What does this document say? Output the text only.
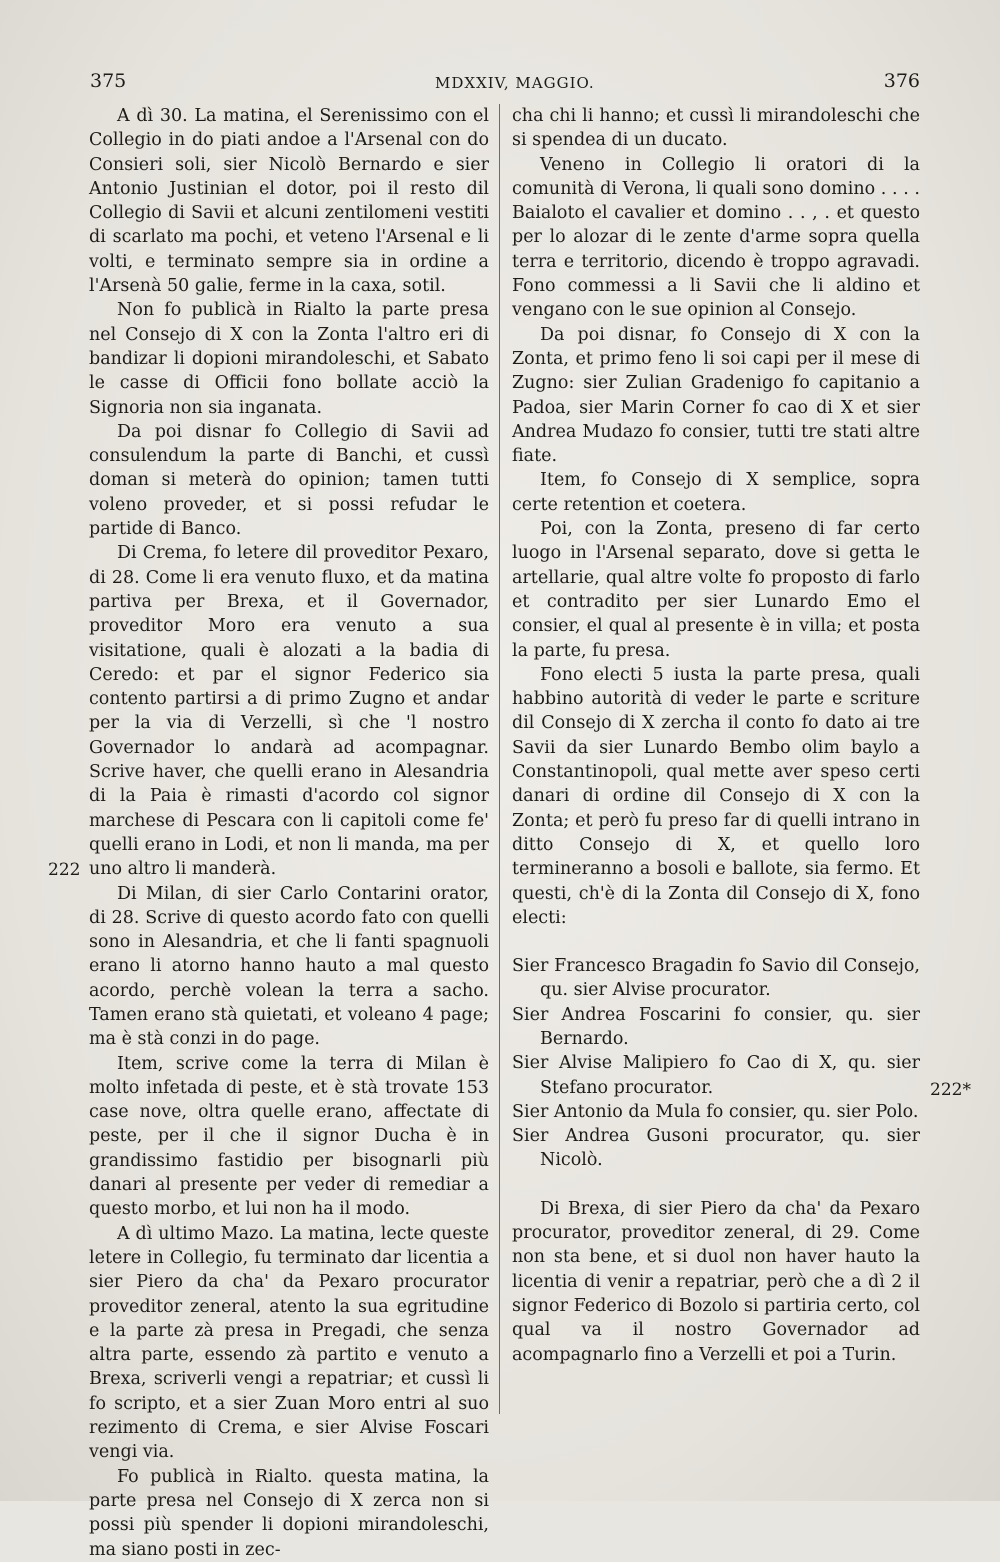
375	MDXXIV, MAGGIO.	376

A dì 30. La matina, el Serenissimo con el Collegio in do piati andoe a l'Arsenal con do Consieri soli, sier Nicolò Bernardo e sier Antonio Justinian el dotor, poi il resto dil Collegio di Savii et alcuni zentilomeni vestiti di scarlato ma pochi, et veteno l'Arsenal e li volti, e terminato sempre sia in ordine a l'Arsenà 50 galie, ferme in la caxa, sotil.

Non fo publicà in Rialto la parte presa nel Consejo di X con la Zonta l'altro eri di bandizar li dopioni mirandoleschi, et Sabato le casse di Officii fono bollate acciò la Signoria non sia inganata.

Da poi disnar fo Collegio di Savii ad consulendum la parte di Banchi, et cussì doman si meterà do opinion; tamen tutti voleno proveder, et si possi refudar le partide di Banco.

Di Crema, fo letere dil proveditor Pexaro, di 28. Come li era venuto fluxo, et da matina partiva per Brexa, et il Governador, proveditor Moro era venuto a sua visitatione, quali è alozati a la badia di Ceredo: et par el signor Federico sia contento partirsi a di primo Zugno et andar per la via di Verzelli, sì che 'l nostro Governador lo andarà ad acompagnar. Scrive haver, che quelli erano in Alesandria di la Paia è rimasti d'acordo col signor marchese di Pescara con li capitoli come fe' quelli erano in Lodi, et non li manda, ma per uno altro li manderà.

Di Milan, di sier Carlo Contarini orator, di 28. Scrive di questo acordo fato con quelli sono in Alesandria, et che li fanti spagnuoli erano li atorno hanno hauto a mal questo acordo, perchè volean la terra a sacho. Tamen erano stà quietati, et voleano 4 page; ma è stà conzi in do page.

Item, scrive come la terra di Milan è molto infetada di peste, et è stà trovate 153 case nove, oltra quelle erano, affectate di peste, per il che il signor Ducha è in grandissimo fastidio per bisognarli più danari al presente per veder di remediar a questo morbo, et lui non ha il modo.

A dì ultimo Mazo. La matina, lecte queste letere in Collegio, fu terminato dar licentia a sier Piero da cha' da Pexaro procurator proveditor zeneral, atento la sua egritudine e la parte zà presa in Pregadi, che senza altra parte, essendo zà partito e venuto a Brexa, scriverli vengi a repatriar; et cussì li fo scripto, et a sier Zuan Moro entri al suo rezimento di Crema, e sier Alvise Foscari vengi via.

Fo publicà in Rialto. questa matina, la parte presa nel Consejo di X zerca non si possi più spender li dopioni mirandoleschi, ma siano posti in zec-

cha chi li hanno; et cussì li mirandoleschi che si spendea di un ducato.

Veneno in Collegio li oratori di la comunità di Verona, li quali sono domino . . . . Baialoto el cavalier et domino . . , . et questo per lo alozar di le zente d'arme sopra quella terra e territorio, dicendo è troppo agravadi. Fono commessi a li Savii che li aldino et vengano con le sue opinion al Consejo.

Da poi disnar, fo Consejo di X con la Zonta, et primo feno li soi capi per il mese di Zugno: sier Zulian Gradenigo fo capitanio a Padoa, sier Marin Corner fo cao di X et sier Andrea Mudazo fo consier, tutti tre stati altre fiate.

Item, fo Consejo di X semplice, sopra certe retention et coetera.

Poi, con la Zonta, preseno di far certo luogo in l'Arsenal separato, dove si getta le artellarie, qual altre volte fo proposto di farlo et contradito per sier Lunardo Emo el consier, el qual al presente è in villa; et posta la parte, fu presa.

Fono electi 5 iusta la parte presa, quali habbino autorità di veder le parte e scriture dil Consejo di X zercha il conto fo dato ai tre Savii da sier Lunardo Bembo olim baylo a Constantinopoli, qual mette aver speso certi danari di ordine dil Consejo di X con la Zonta; et però fu preso far di quelli intrano in ditto Consejo di X, et quello loro termineranno a bosoli e ballote, sia fermo. Et questi, ch'è di la Zonta dil Consejo di X, fono electi:

Sier Francesco Bragadin fo Savio dil Consejo, qu. sier Alvise procurator.

Sier Andrea Foscarini fo consier, qu. sier Bernardo.

Sier Alvise Malipiero fo Cao di X, qu. sier Stefano procurator.

Sier Antonio da Mula fo consier, qu. sier Polo.

Sier Andrea Gusoni procurator, qu. sier Nicolò.

Di Brexa, di sier Piero da cha' da Pexaro procurator, proveditor zeneral, di 29. Come non sta bene, et si duol non haver hauto la licentia di venir a repatriar, però che a dì 2 il signor Federico di Bozolo si partiria certo, col qual va il nostro Governador ad acompagnarlo fino a Verzelli et poi a Turin.

222
222*
